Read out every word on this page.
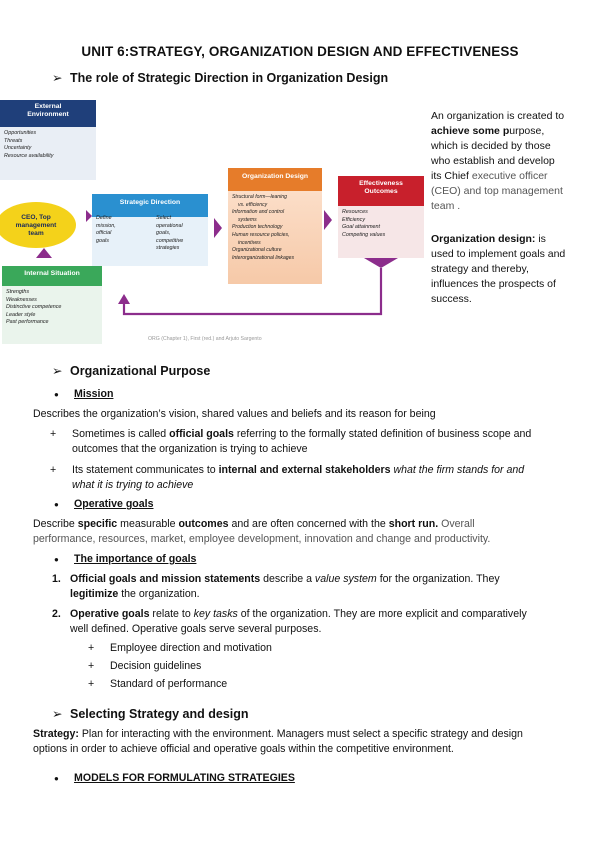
UNIT 6:STRATEGY, ORGANIZATION DESIGN AND EFFECTIVENESS
➢ The role of Strategic Direction in Organization Design
External
Environment
Opportunities
Threats
Uncertainty
Resource availability
CEO, Top
management
team
Strategic Direction
Define
mission,
official
goals
Select
operational
goals,
competitive
strategies
Internal Situation
Strengths
Weaknesses
Distinctive competence
Leader style
Past performance
Organization Design
Structural form—leaning
vs. efficiency
Information and control
systems
Production technology
Human resource policies,
incentives
Organizational culture
Interorganizational linkages
Effectiveness
Outcomes
Resources
Efficiency
Goal attainment
Competing values
ORG (Chapter 1), First (red.) and Arjuto Sargento
An organization is created to achieve some purpose, which is decided by those who establish and develop its Chief executive officer (CEO) and top management team .
Organization design: is used to implement goals and strategy and thereby, influences the prospects of success.
➢ Organizational Purpose
● Mission
Describes the organization’s vision, shared values and beliefs and its reason for being
+ Sometimes is called official goals referring to the formally stated definition of business scope and
outcomes that the organization is trying to achieve
+ Its statement communicates to internal and external stakeholders what the firm stands for and
what it is trying to achieve
● Operative goals
Describe specific measurable outcomes and are often concerned with the short run. Overall
performance, resources, market, employee development, innovation and change and productivity.
● The importance of goals
1. Official goals and mission statements describe a value system for the organization. They
legitimize the organization.
2. Operative goals relate to key tasks of the organization. They are more explicit and comparatively
well defined. Operative goals serve several purposes.
+ Employee direction and motivation
+ Decision guidelines
+ Standard of performance
➢ Selecting Strategy and design
Strategy: Plan for interacting with the environment. Managers must select a specific strategy and design
options in order to achieve official and operative goals within the competitive environment.
● MODELS FOR FORMULATING STRATEGIES
